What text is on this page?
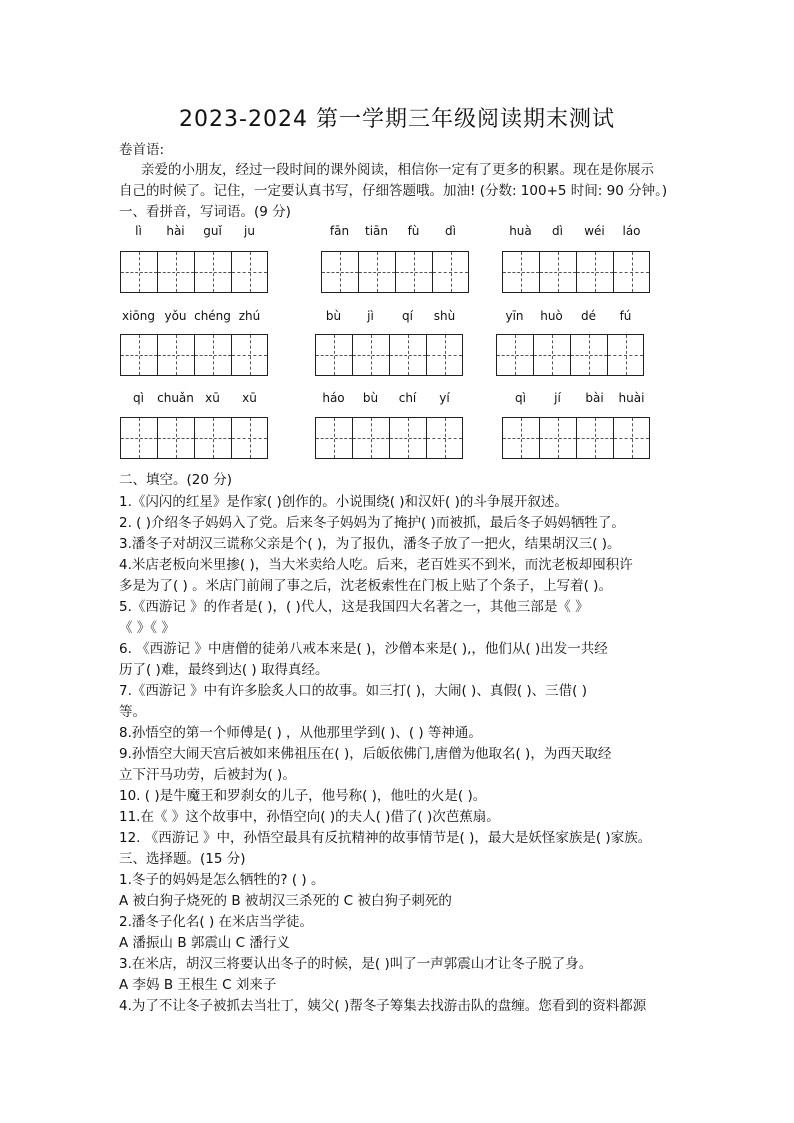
2023-2024 第一学期三年级阅读期末测试
卷首语:
亲爱的小朋友，经过一段时间的课外阅读，相信你一定有了更多的积累。现在是你展示
自己的时候了。记住，一定要认真书写，仔细答题哦。加油! (分数: 100+5 时间: 90 分钟。)
一、看拼音，写词语。(9 分)
lì	hài	guǐ	ju	fān	tiān	fù	dì	huà	dì	wéi	láo
xiōng yǒu chéng zhú	bù	jì	qí	shù	yīn	huò	dé	fú
qì	chuǎn xū	xū	háo	bù	chí	yí	qì	jí	bài	huài
二、填空。(20 分)
1.《闪闪的红星》是作家( )创作的。小说围绕( )和汉奸( )的斗争展开叙述。
2. ( )介绍冬子妈妈入了党。后来冬子妈妈为了掩护( )而被抓，最后冬子妈妈牺牲了。
3.潘冬子对胡汉三谎称父亲是个( )，为了报仇，潘冬子放了一把火，结果胡汉三( )。
4.米店老板向米里掺( )，当大米卖给人吃。后来，老百姓买不到米，而沈老板却囤积许
多是为了( ) 。米店门前闹了事之后，沈老板索性在门板上贴了个条子，上写着( )。
5.《西游记 》的作者是( )，( )代人，这是我国四大名著之一，其他三部是《 》
《 》《 》
6. 《西游记 》中唐僧的徒弟八戒本来是( )，沙僧本来是( ),，他们从( )出发一共经
历了( )难，最终到达( ) 取得真经。
7.《西游记 》中有许多脍炙人口的故事。如三打( )，大闹( )、真假( )、三借( )
等。
8.孙悟空的第一个师傅是( ) ，从他那里学到( )、( ) 等神通。
9.孙悟空大闹天宫后被如来佛祖压在( )，后皈依佛门,唐僧为他取名( )，为西天取经
立下汗马功劳，后被封为( )。
10. ( )是牛魔王和罗刹女的儿子，他号称( )，他吐的火是( )。
11.在《 》这个故事中，孙悟空向( )的夫人( )借了( )次芭蕉扇。
12. 《西游记 》中，孙悟空最具有反抗精神的故事情节是( )，最大是妖怪家族是( )家族。
三、选择题。(15 分)
1.冬子的妈妈是怎么牺牲的? ( ) 。
A 被白狗子烧死的 B 被胡汉三杀死的 C 被白狗子刺死的
2.潘冬子化名( ) 在米店当学徒。
A 潘振山 B 郭震山 C 潘行义
3.在米店，胡汉三将要认出冬子的时候，是( )叫了一声郭震山才让冬子脱了身。
A 李妈 B 王根生 C 刘来子
4.为了不让冬子被抓去当壮丁，姨父( )帮冬子筹集去找游击队的盘缠。您看到的资料都源
